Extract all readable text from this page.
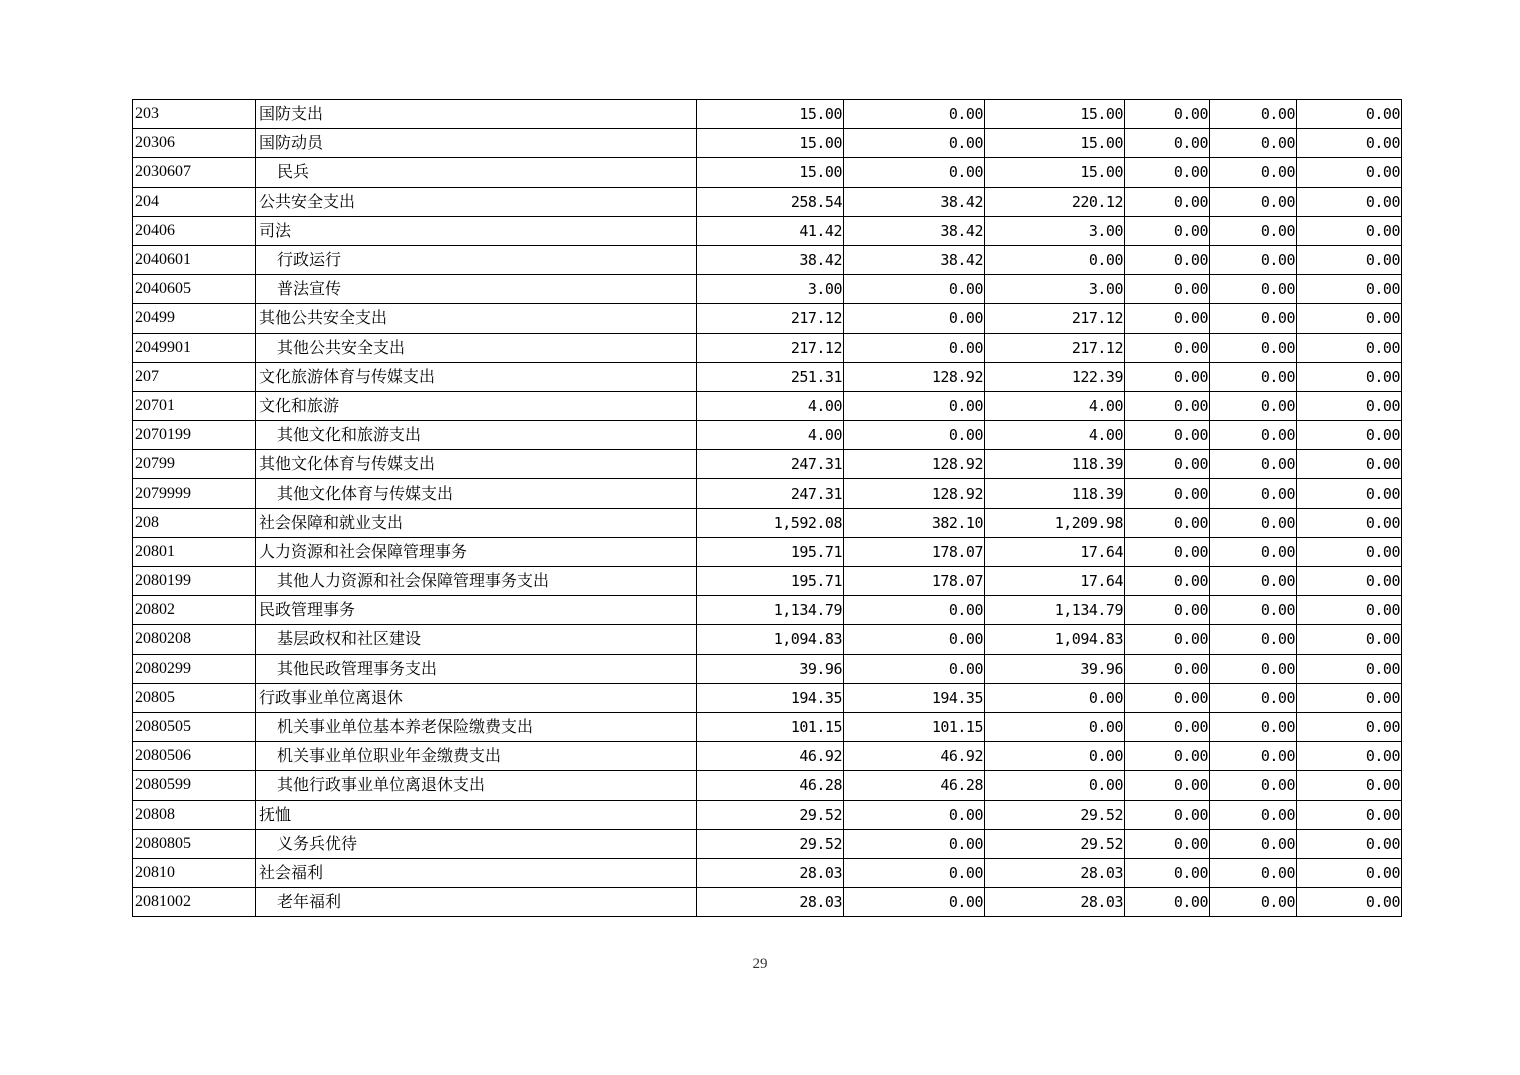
203	国防支出	15.00	0.00	15.00	0.00	0.00	0.00
20306	国防动员	15.00	0.00	15.00	0.00	0.00	0.00
2030607	民兵	15.00	0.00	15.00	0.00	0.00	0.00
204	公共安全支出	258.54	38.42	220.12	0.00	0.00	0.00
20406	司法	41.42	38.42	3.00	0.00	0.00	0.00
2040601	行政运行	38.42	38.42	0.00	0.00	0.00	0.00
2040605	普法宣传	3.00	0.00	3.00	0.00	0.00	0.00
20499	其他公共安全支出	217.12	0.00	217.12	0.00	0.00	0.00
2049901	其他公共安全支出	217.12	0.00	217.12	0.00	0.00	0.00
207	文化旅游体育与传媒支出	251.31	128.92	122.39	0.00	0.00	0.00
20701	文化和旅游	4.00	0.00	4.00	0.00	0.00	0.00
2070199	其他文化和旅游支出	4.00	0.00	4.00	0.00	0.00	0.00
20799	其他文化体育与传媒支出	247.31	128.92	118.39	0.00	0.00	0.00
2079999	其他文化体育与传媒支出	247.31	128.92	118.39	0.00	0.00	0.00
208	社会保障和就业支出	1,592.08	382.10	1,209.98	0.00	0.00	0.00
20801	人力资源和社会保障管理事务	195.71	178.07	17.64	0.00	0.00	0.00
2080199	其他人力资源和社会保障管理事务支出	195.71	178.07	17.64	0.00	0.00	0.00
20802	民政管理事务	1,134.79	0.00	1,134.79	0.00	0.00	0.00
2080208	基层政权和社区建设	1,094.83	0.00	1,094.83	0.00	0.00	0.00
2080299	其他民政管理事务支出	39.96	0.00	39.96	0.00	0.00	0.00
20805	行政事业单位离退休	194.35	194.35	0.00	0.00	0.00	0.00
2080505	机关事业单位基本养老保险缴费支出	101.15	101.15	0.00	0.00	0.00	0.00
2080506	机关事业单位职业年金缴费支出	46.92	46.92	0.00	0.00	0.00	0.00
2080599	其他行政事业单位离退休支出	46.28	46.28	0.00	0.00	0.00	0.00
20808	抚恤	29.52	0.00	29.52	0.00	0.00	0.00
2080805	义务兵优待	29.52	0.00	29.52	0.00	0.00	0.00
20810	社会福利	28.03	0.00	28.03	0.00	0.00	0.00
2081002	老年福利	28.03	0.00	28.03	0.00	0.00	0.00
29
